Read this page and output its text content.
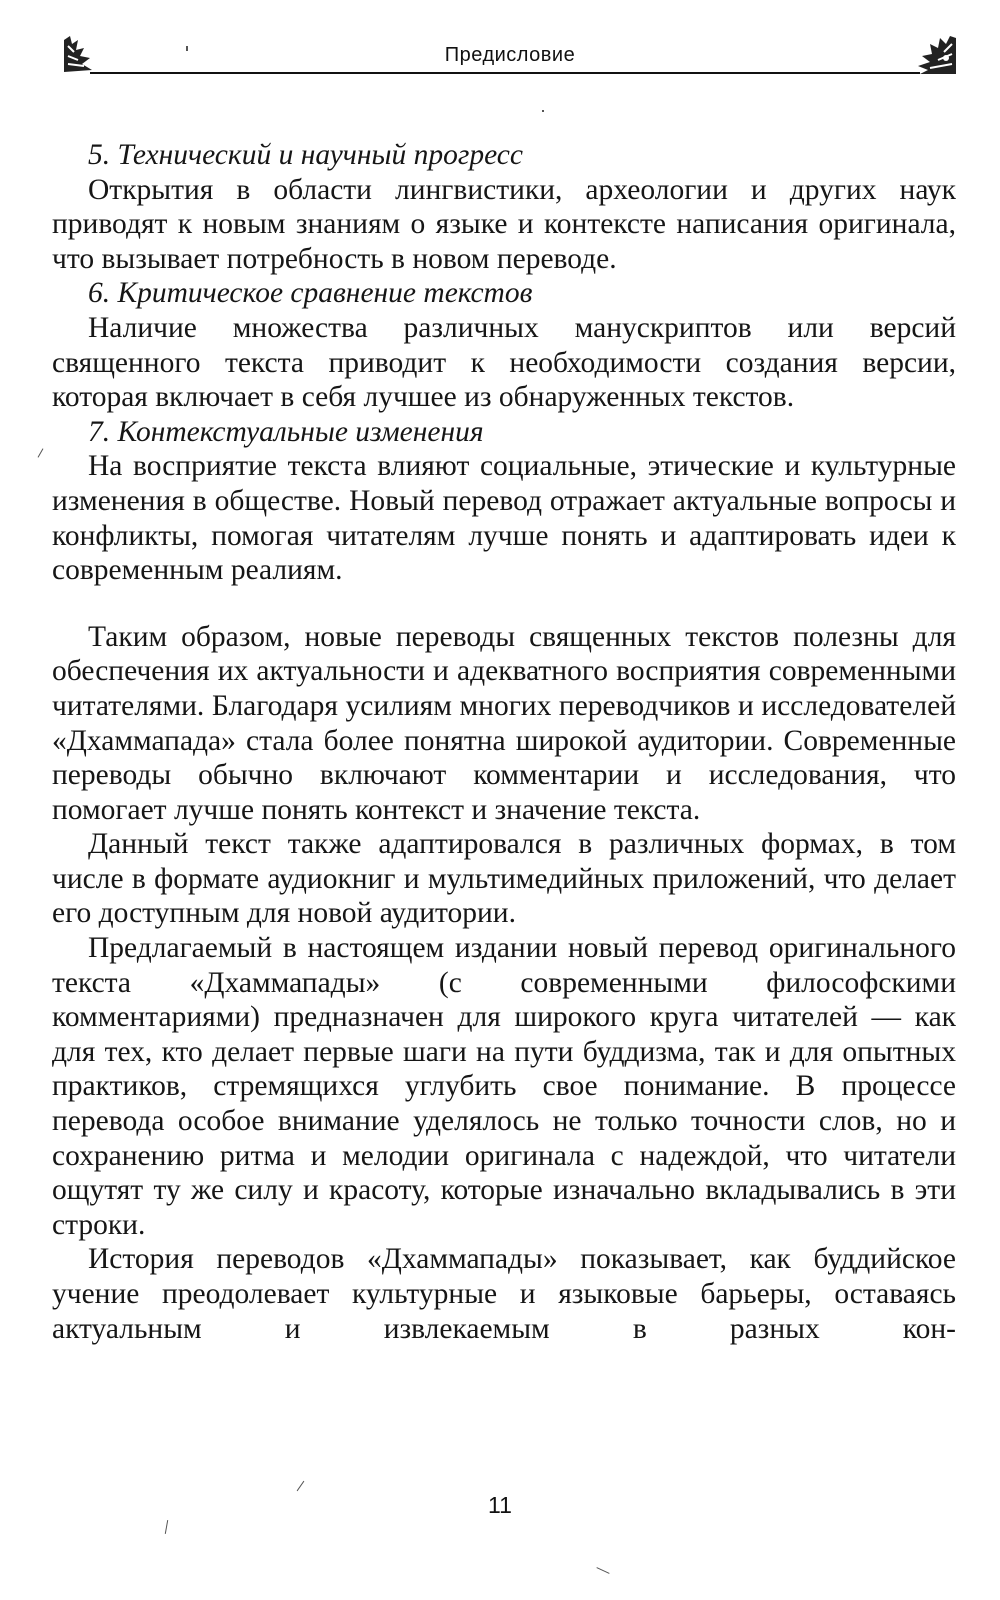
Предисловие

5. Технический и научный прогресс

Открытия в области лингвистики, археологии и других наук приводят к новым знаниям о языке и контексте написания оригинала, что вызывает потребность в новом переводе.

6. Критическое сравнение текстов

Наличие множества различных манускриптов или версий священного текста приводит к необходимости создания версии, которая включает в себя лучшее из обнаруженных текстов.

7. Контекстуальные изменения

На восприятие текста влияют социальные, этические и культурные изменения в обществе. Новый перевод отражает актуальные вопросы и конфликты, помогая читателям лучше понять и адаптировать идеи к современным реалиям.

Таким образом, новые переводы священных текстов полезны для обеспечения их актуальности и адекватного восприятия современными читателями. Благодаря усилиям многих переводчиков и исследователей «Дхаммапада» стала более понятна широкой аудитории. Современные переводы обычно включают комментарии и исследования, что помогает лучше понять контекст и значение текста.

Данный текст также адаптировался в различных формах, в том числе в формате аудиокниг и мультимедийных приложений, что делает его доступным для новой аудитории.

Предлагаемый в настоящем издании новый перевод оригинального текста «Дхаммапады» (с современными философскими комментариями) предназначен для широкого круга читателей — как для тех, кто делает первые шаги на пути буддизма, так и для опытных практиков, стремящихся углубить свое понимание. В процессе перевода особое внимание уделялось не только точности слов, но и сохранению ритма и мелодии оригинала с надеждой, что читатели ощутят ту же силу и красоту, которые изначально вкладывались в эти строки.

История переводов «Дхаммапады» показывает, как буддийское учение преодолевает культурные и языковые барьеры, оставаясь актуальным и извлекаемым в разных кон-

11
